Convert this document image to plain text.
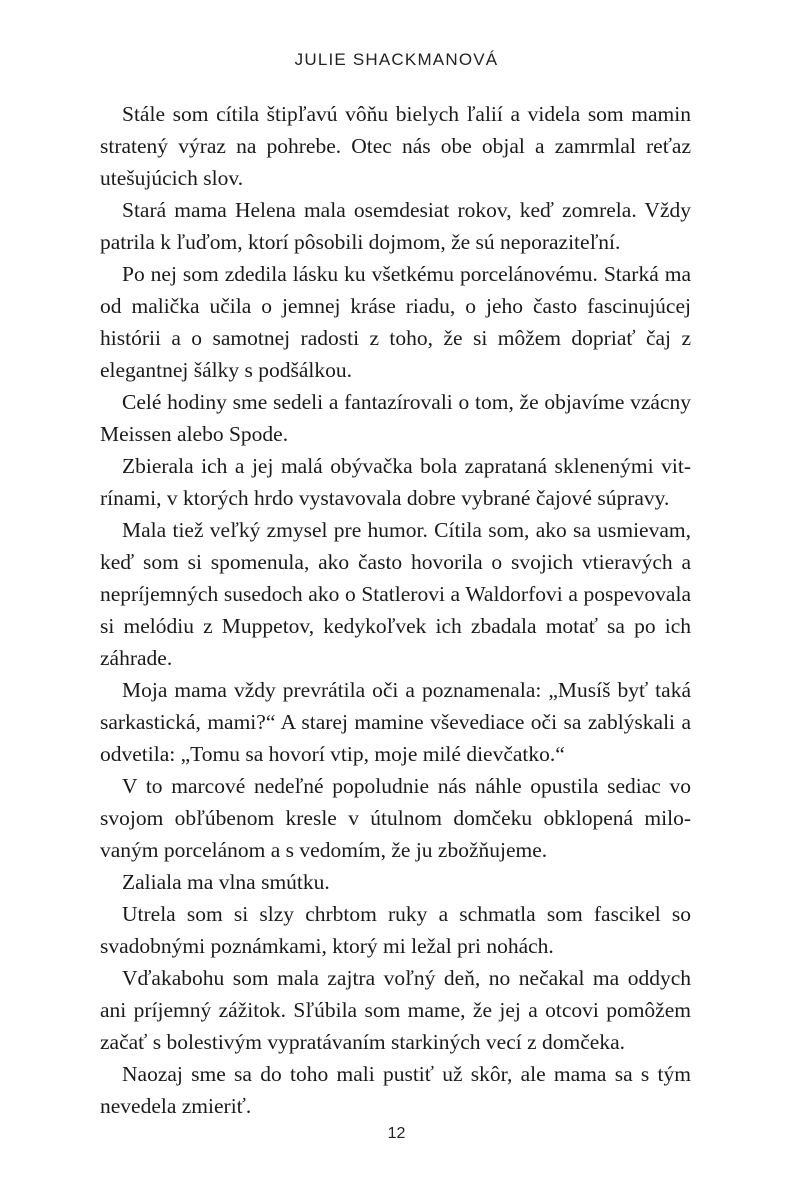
JULIE SHACKMANOVÁ

Stále som cítila štipľavú vôňu bielych ľalií a videla som mamin stratený výraz na pohrebe. Otec nás obe objal a zamrmlal reťaz utešujúcich slov.

Stará mama Helena mala osemdesiat rokov, keď zomrela. Vždy patrila k ľuďom, ktorí pôsobili dojmom, že sú neporaziteľní.

Po nej som zdedila lásku ku všetkému porcelánovému. Starká ma od malička učila o jemnej kráse riadu, o jeho často fascinujúcej histórii a o samotnej radosti z toho, že si môžem dopriať čaj z elegantnej šálky s podšálkou.

Celé hodiny sme sedeli a fantazírovali o tom, že objavíme vzácny Meissen alebo Spode.

Zbierala ich a jej malá obývačka bola zapratаná sklenenými vitrínami, v ktorých hrdo vystavovala dobre vybrané čajové súpravy.

Mala tiež veľký zmysel pre humor. Cítila som, ako sa usmievam, keď som si spomenula, ako často hovorila o svojich vtieravých a nepríjemných susedoch ako o Statlerovi a Waldorfovi a pospevovala si melódiu z Muppetov, kedykoľvek ich zbadala motať sa po ich záhrade.

Moja mama vždy prevrátila oči a poznamenala: „Musíš byť taká sarkastická, mami?“ A starej mamine vševediace oči sa zablýskali a odvetila: „Tomu sa hovorí vtip, moje milé dievčatko.“

V to marcové nedeľné popoludnie nás náhle opustila sediac vo svojom obľúbenom kresle v útulnom domčeku obklopená milovaným porcelánom a s vedomím, že ju zbožňujeme.

Zaliala ma vlna smútku.

Utrela som si slzy chrbtom ruky a schmatla som fascikel so svadobnými poznámkami, ktorý mi ležal pri nohách.

Vďakabohu som mala zajtra voľný deň, no nečakal ma oddych ani príjemný zážitok. Sľúbila som mame, že jej a otcovi pomôžem začať s bolestivým vypratávaním starkiných vecí z domčeka.

Naozaj sme sa do toho mali pustiť už skôr, ale mama sa s tým nevedela zmieriť.

12
